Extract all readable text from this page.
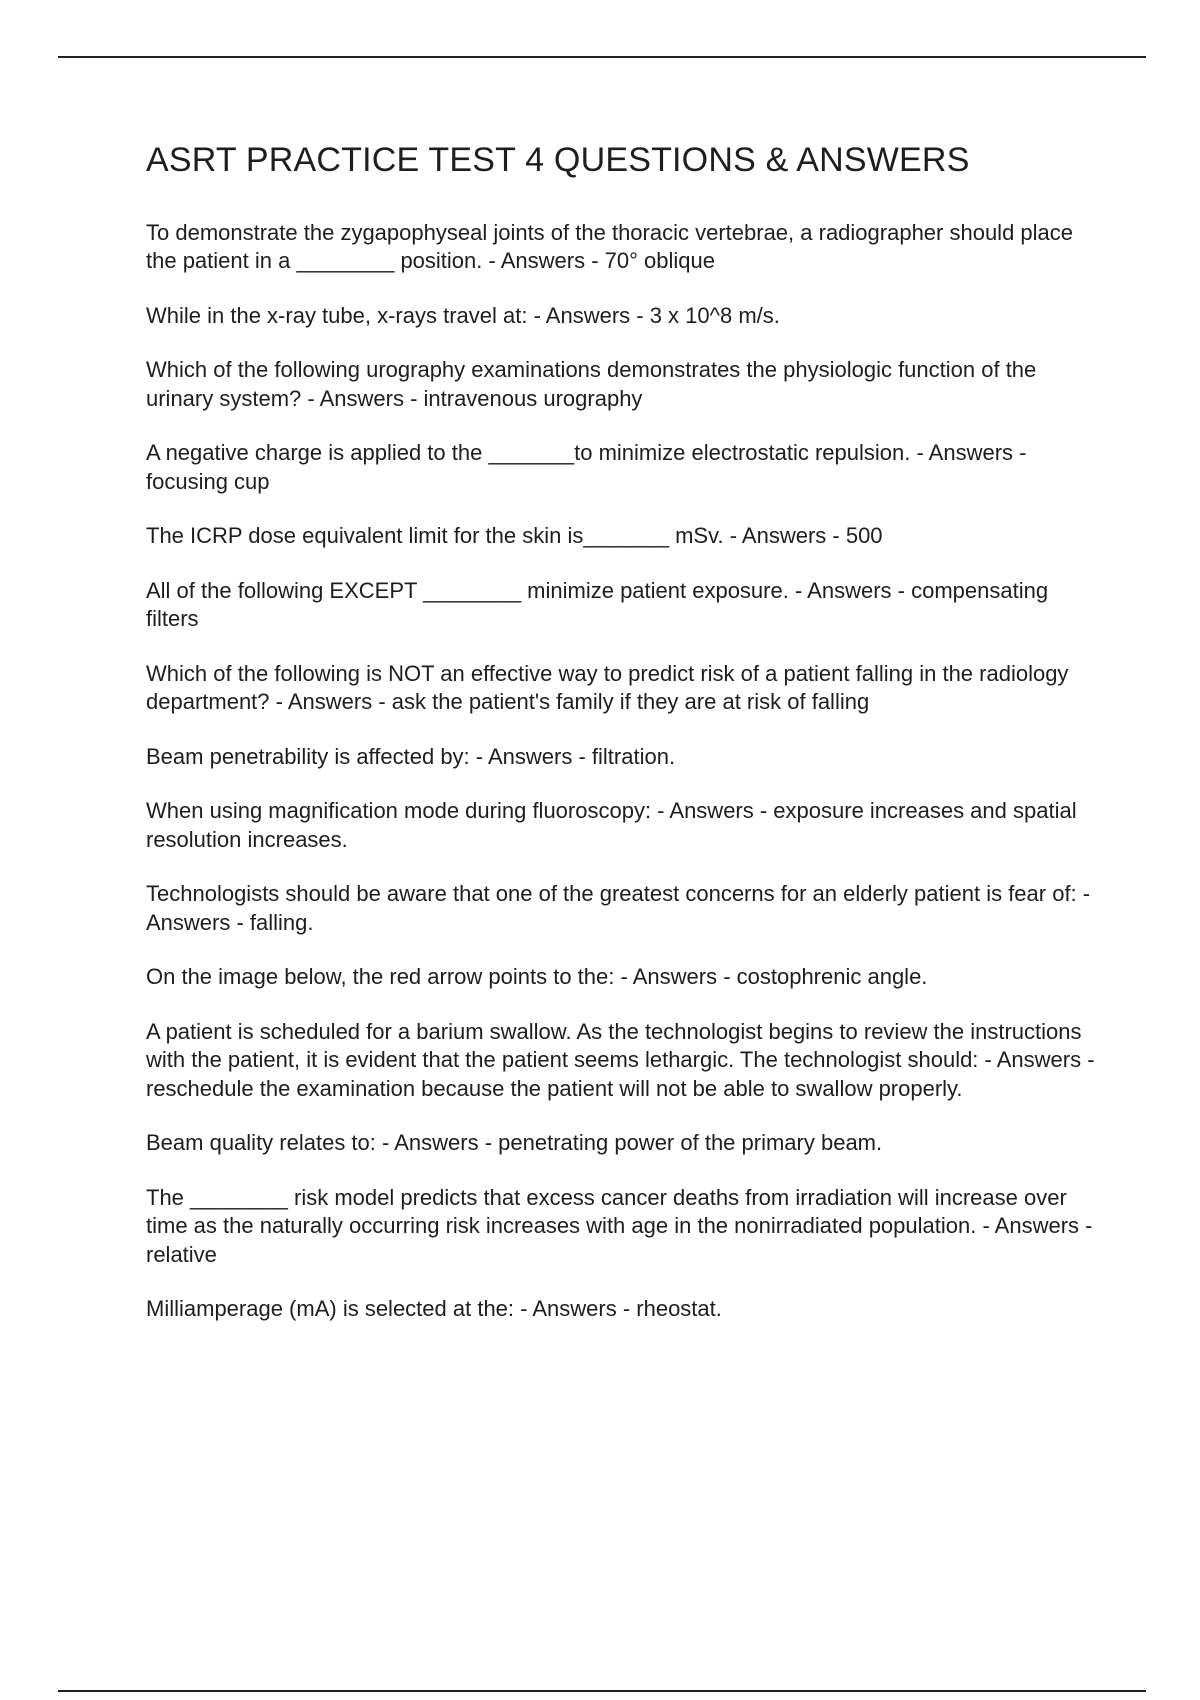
ASRT PRACTICE TEST 4 QUESTIONS & ANSWERS

To demonstrate the zygapophyseal joints of the thoracic vertebrae, a radiographer should place the patient in a ________ position. - Answers - 70° oblique

While in the x-ray tube, x-rays travel at: - Answers - 3 x 10^8 m/s.

Which of the following urography examinations demonstrates the physiologic function of the urinary system? - Answers - intravenous urography

A negative charge is applied to the _______to minimize electrostatic repulsion. - Answers - focusing cup

The ICRP dose equivalent limit for the skin is_______ mSv. - Answers - 500

All of the following EXCEPT ________ minimize patient exposure. - Answers - compensating filters

Which of the following is NOT an effective way to predict risk of a patient falling in the radiology department? - Answers - ask the patient's family if they are at risk of falling

Beam penetrability is affected by: - Answers - filtration.

When using magnification mode during fluoroscopy: - Answers - exposure increases and spatial resolution increases.

Technologists should be aware that one of the greatest concerns for an elderly patient is fear of: - Answers - falling.

On the image below, the red arrow points to the: - Answers - costophrenic angle.

A patient is scheduled for a barium swallow. As the technologist begins to review the instructions with the patient, it is evident that the patient seems lethargic. The technologist should: - Answers - reschedule the examination because the patient will not be able to swallow properly.

Beam quality relates to: - Answers - penetrating power of the primary beam.

The ________ risk model predicts that excess cancer deaths from irradiation will increase over time as the naturally occurring risk increases with age in the nonirradiated population. - Answers - relative

Milliamperage (mA) is selected at the: - Answers - rheostat.
